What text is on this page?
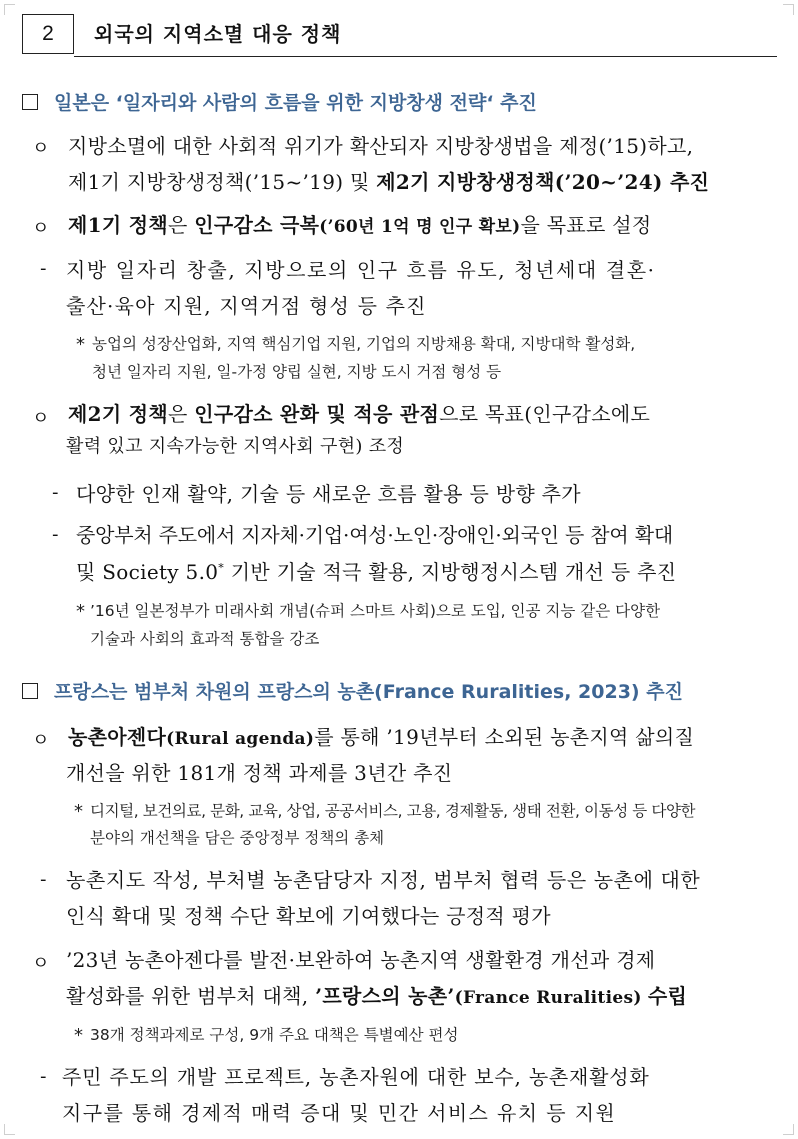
2	외국의 지역소멸 대응 정책
일본은 ‘일자리와 사람의 흐름을 위한 지방창생 전략‘ 추진
ㅇ 지방소멸에 대한 사회적 위기가 확산되자 지방창생법을 제정(’15)하고,
제1기 지방창생정책(’15~’19) 및 제2기 지방창생정책(’20~’24) 추진
ㅇ 제1기 정책은 인구감소 극복(’60년 1억 명 인구 확보)을 목표로 설정
- 지방 일자리 창출, 지방으로의 인구 흐름 유도, 청년세대 결혼·
출산·육아 지원, 지역거점 형성 등 추진
* 농업의 성장산업화, 지역 핵심기업 지원, 기업의 지방채용 확대, 지방대학 활성화,
청년 일자리 지원, 일-가정 양립 실현, 지방 도시 거점 형성 등
ㅇ 제2기 정책은 인구감소 완화 및 적응 관점으로 목표(인구감소에도
활력 있고 지속가능한 지역사회 구현) 조정
- 다양한 인재 활약, 기술 등 새로운 흐름 활용 등 방향 추가
- 중앙부처 주도에서 지자체·기업·여성·노인·장애인·외국인 등 참여 확대
및 Society 5.0* 기반 기술 적극 활용, 지방행정시스템 개선 등 추진
* ’16년 일본정부가 미래사회 개념(슈퍼 스마트 사회)으로 도입, 인공 지능 같은 다양한
기술과 사회의 효과적 통합을 강조
프랑스는 범부처 차원의 프랑스의 농촌(France Ruralities, 2023) 추진
ㅇ 농촌아젠다(Rural agenda)를 통해 ’19년부터 소외된 농촌지역 삶의질
개선을 위한 181개 정책 과제를 3년간 추진
* 디지털, 보건의료, 문화, 교육, 상업, 공공서비스, 고용, 경제활동, 생태 전환, 이동성 등 다양한
분야의 개선책을 담은 중앙정부 정책의 총체
- 농촌지도 작성, 부처별 농촌담당자 지정, 범부처 협력 등은 농촌에 대한
인식 확대 및 정책 수단 확보에 기여했다는 긍정적 평가
ㅇ ’23년 농촌아젠다를 발전·보완하여 농촌지역 생활환경 개선과 경제
활성화를 위한 범부처 대책, ’프랑스의 농촌’(France Ruralities) 수립
* 38개 정책과제로 구성, 9개 주요 대책은 특별예산 편성
- 주민 주도의 개발 프로젝트, 농촌자원에 대한 보수, 농촌재활성화
지구를 통해 경제적 매력 증대 및 민간 서비스 유치 등 지원
